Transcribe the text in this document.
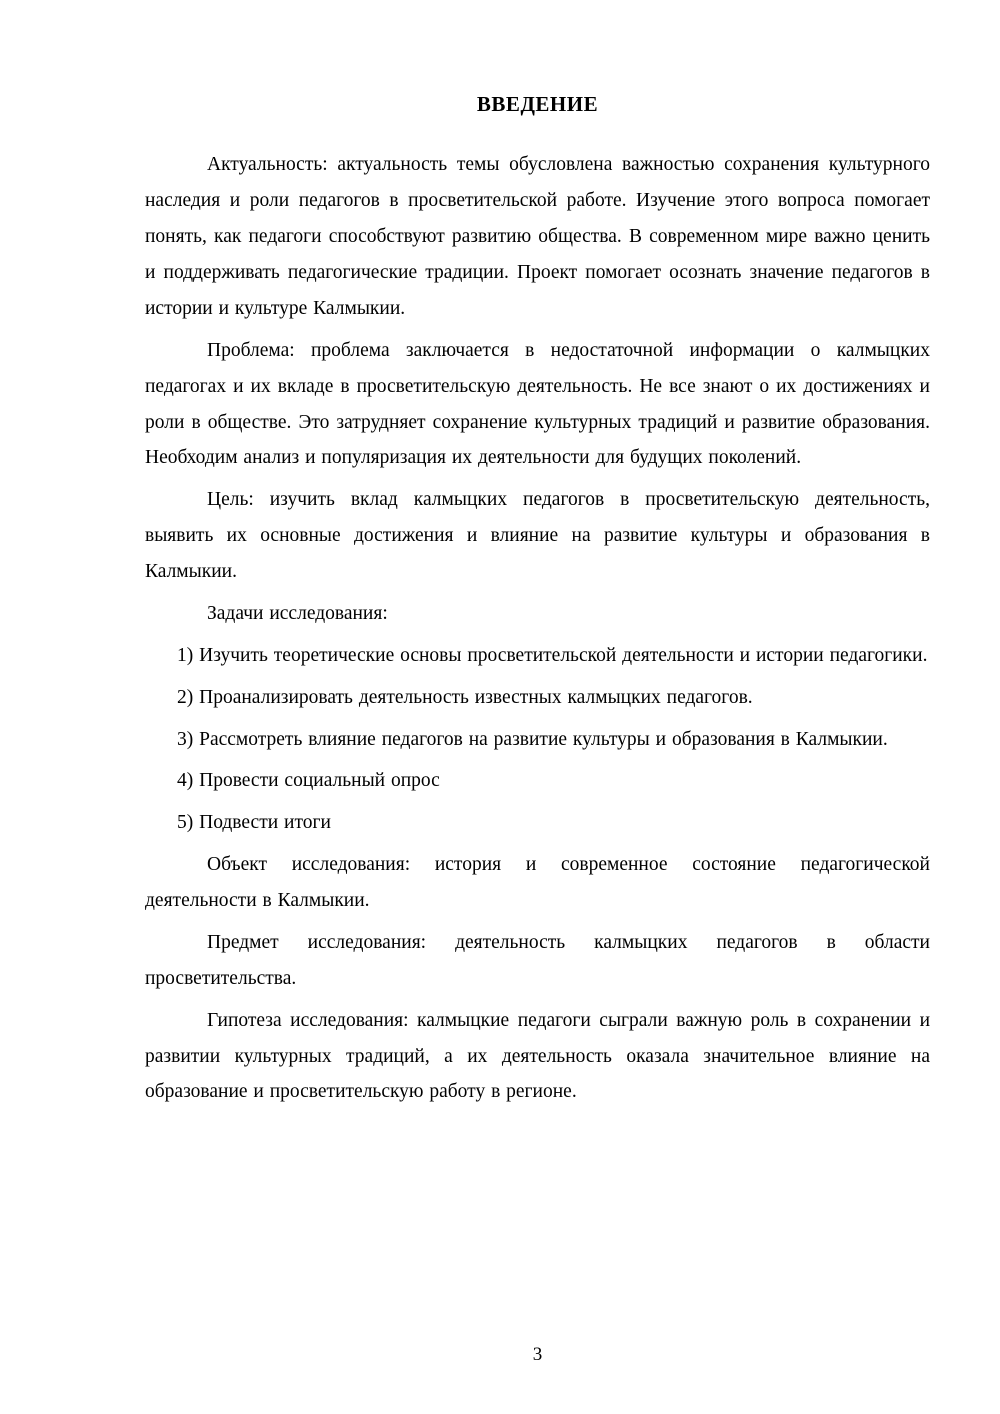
ВВЕДЕНИЕ

Актуальность: актуальность темы обусловлена важностью сохранения культурного наследия и роли педагогов в просветительской работе. Изучение этого вопроса помогает понять, как педагоги способствуют развитию общества. В современном мире важно ценить и поддерживать педагогические традиции. Проект помогает осознать значение педагогов в истории и культуре Калмыкии.

Проблема: проблема заключается в недостаточной информации о калмыцких педагогах и их вкладе в просветительскую деятельность. Не все знают о их достижениях и роли в обществе. Это затрудняет сохранение культурных традиций и развитие образования. Необходим анализ и популяризация их деятельности для будущих поколений.

Цель: изучить вклад калмыцких педагогов в просветительскую деятельность, выявить их основные достижения и влияние на развитие культуры и образования в Калмыкии.

Задачи исследования:

1) Изучить теоретические основы просветительской деятельности и истории педагогики.

2) Проанализировать деятельность известных калмыцких педагогов.

3) Рассмотреть влияние педагогов на развитие культуры и образования в Калмыкии.

4) Провести социальный опрос

5) Подвести итоги

Объект исследования: история и современное состояние педагогической деятельности в Калмыкии.

Предмет исследования: деятельность калмыцких педагогов в области просветительства.

Гипотеза исследования: калмыцкие педагоги сыграли важную роль в сохранении и развитии культурных традиций, а их деятельность оказала значительное влияние на образование и просветительскую работу в регионе.

3
